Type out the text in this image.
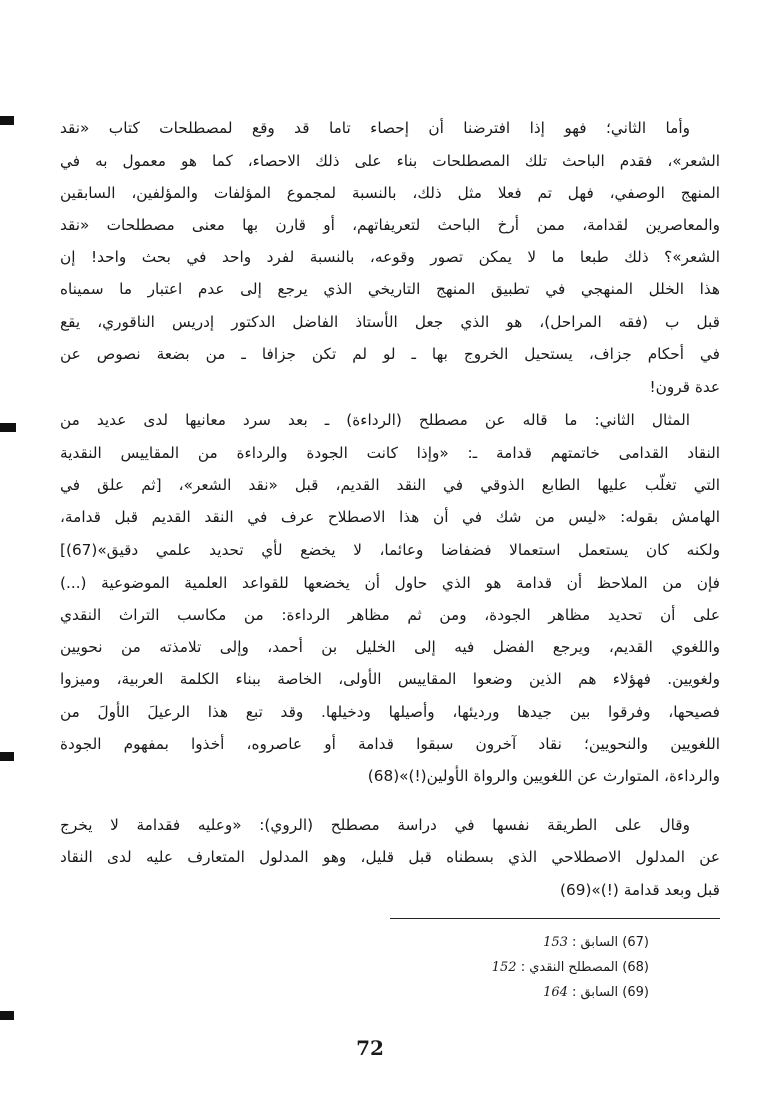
وأما الثاني؛ فهو إذا افترضنا أن إحصاء تاما قد وقع لمصطلحات كتاب «نقد
الشعر»، فقدم الباحث تلك المصطلحات بناء على ذلك الاحصاء، كما هو معمول به في
المنهج الوصفي، فهل تم فعلا مثل ذلك، بالنسبة لمجموع المؤلفات والمؤلفين، السابقين
والمعاصرين لقدامة، ممن أرخ الباحث لتعريفاتهم، أو قارن بها معنى مصطلحات «نقد
الشعر»؟ ذلك طبعا ما لا يمكن تصور وقوعه، بالنسبة لفرد واحد في بحث واحد! إن
هذا الخلل المنهجي في تطبيق المنهج التاريخي الذي يرجع إلى عدم اعتبار ما سميناه
قبل ب (فقه المراحل)، هو الذي جعل الأستاذ الفاضل الدكتور إدريس الناقوري، يقع
في أحكام جزاف، يستحيل الخروج بها ـ لو لم تكن جزافا ـ من بضعة نصوص عن
عدة قرون!
المثال الثاني: ما قاله عن مصطلح (الرداءة) ـ بعد سرد معانيها لدى عديد من
النقاد القدامى خاتمتهم قدامة ـ: «وإذا كانت الجودة والرداءة من المقاييس النقدية
التي تغلّب عليها الطابع الذوقي في النقد القديم، قبل «نقد الشعر»، [ثم علق في
الهامش بقوله: «ليس من شك في أن هذا الاصطلاح عرف في النقد القديم قبل قدامة،
ولكنه كان يستعمل استعمالا فضفاضا وعائما، لا يخضع لأي تحديد علمي دقيق»(67)]
فإن من الملاحظ أن قدامة هو الذي حاول أن يخضعها للقواعد العلمية الموضوعية (...)
على أن تحديد مظاهر الجودة، ومن ثم مظاهر الرداءة: من مكاسب التراث النقدي
واللغوي القديم، ويرجع الفضل فيه إلى الخليل بن أحمد، وإلى تلامذته من نحويين
ولغويين. فهؤلاء هم الذين وضعوا المقاييس الأولى، الخاصة ببناء الكلمة العربية، وميزوا
فصيحها، وفرقوا بين جيدها ورديئها، وأصيلها ودخيلها. وقد تبع هذا الرعيلَ الأولَ من
اللغويين والنحويين؛ نقاد آخرون سبقوا قدامة أو عاصروه، أخذوا بمفهوم الجودة
والرداءة، المتوارث عن اللغويين والرواة الأولين(!)»(68)
وقال على الطريقة نفسها في دراسة مصطلح (الروي): «وعليه فقدامة لا يخرج
عن المدلول الاصطلاحي الذي بسطناه قبل قليل، وهو المدلول المتعارف عليه لدى النقاد
قبل وبعد قدامة (!)»(69)
(67) السابق : 153
(68) المصطلح النقدي : 152
(69) السابق : 164
72
